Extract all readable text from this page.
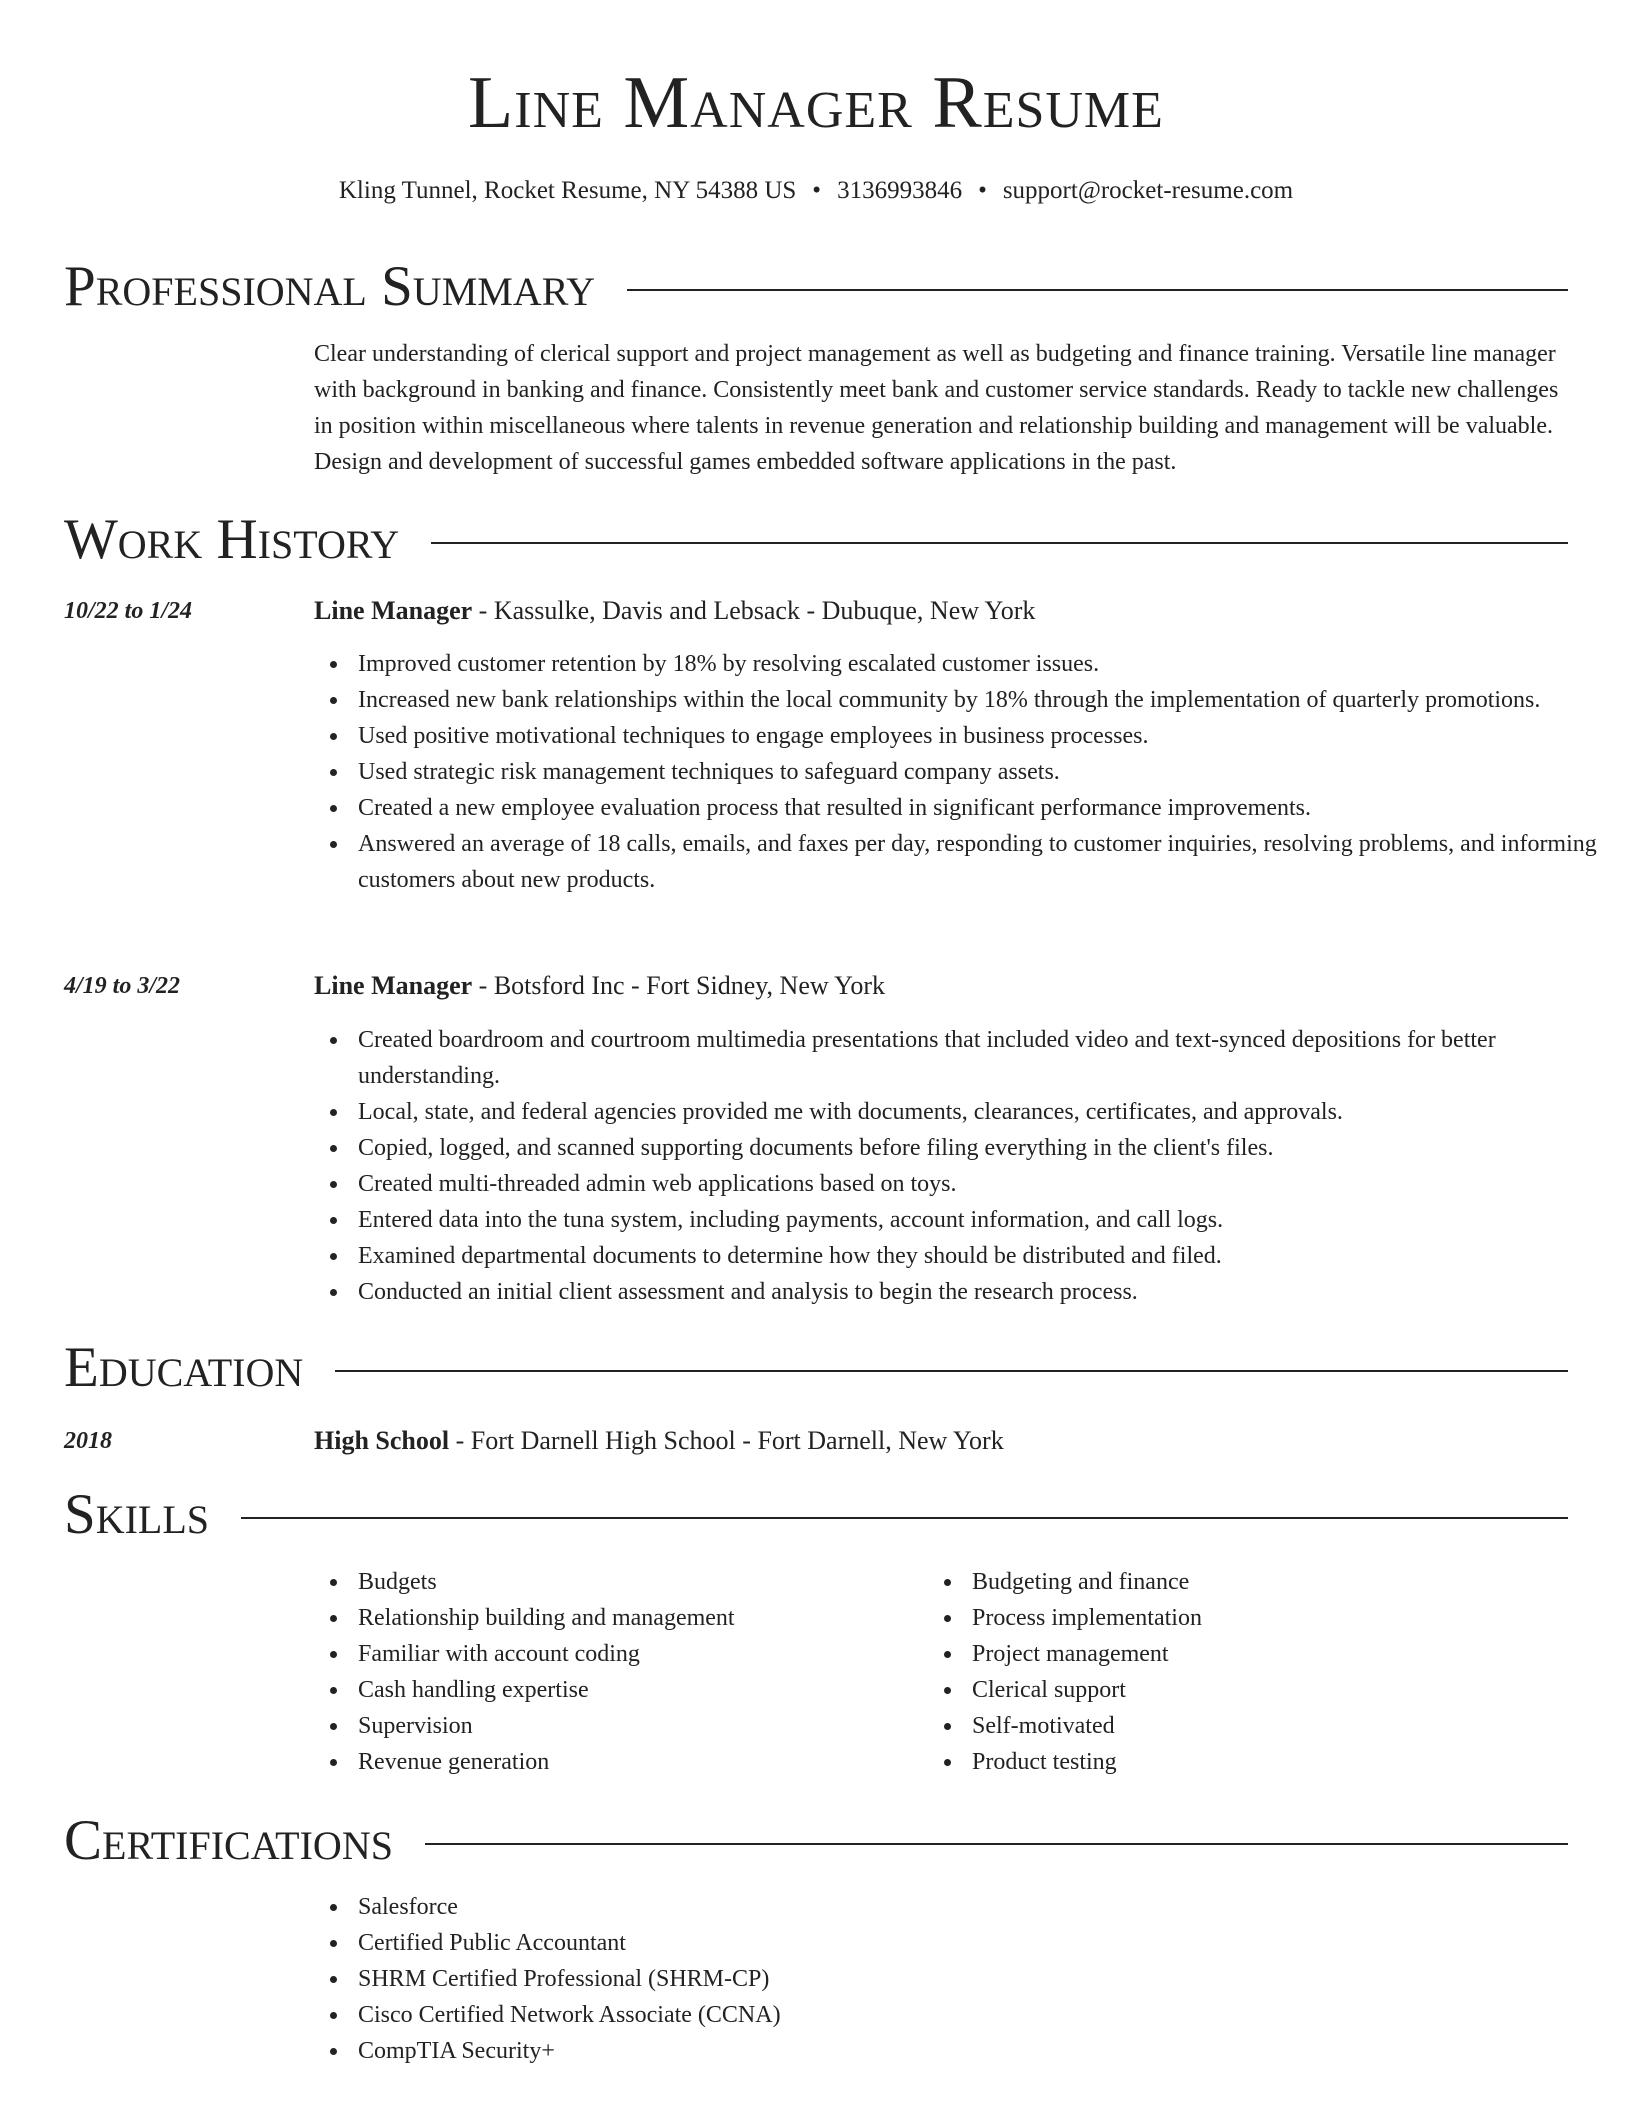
Line Manager Resume
Kling Tunnel, Rocket Resume, NY 54388 US • 3136993846 • support@rocket-resume.com
Professional Summary
Clear understanding of clerical support and project management as well as budgeting and finance training. Versatile line manager with background in banking and finance. Consistently meet bank and customer service standards. Ready to tackle new challenges in position within miscellaneous where talents in revenue generation and relationship building and management will be valuable. Design and development of successful games embedded software applications in the past.
Work History
10/22 to 1/24	Line Manager - Kassulke, Davis and Lebsack - Dubuque, New York
Improved customer retention by 18% by resolving escalated customer issues.
Increased new bank relationships within the local community by 18% through the implementation of quarterly promotions.
Used positive motivational techniques to engage employees in business processes.
Used strategic risk management techniques to safeguard company assets.
Created a new employee evaluation process that resulted in significant performance improvements.
Answered an average of 18 calls, emails, and faxes per day, responding to customer inquiries, resolving problems, and informing customers about new products.
4/19 to 3/22	Line Manager - Botsford Inc - Fort Sidney, New York
Created boardroom and courtroom multimedia presentations that included video and text-synced depositions for better understanding.
Local, state, and federal agencies provided me with documents, clearances, certificates, and approvals.
Copied, logged, and scanned supporting documents before filing everything in the client's files.
Created multi-threaded admin web applications based on toys.
Entered data into the tuna system, including payments, account information, and call logs.
Examined departmental documents to determine how they should be distributed and filed.
Conducted an initial client assessment and analysis to begin the research process.
Education
2018	High School - Fort Darnell High School - Fort Darnell, New York
Skills
Budgets
Relationship building and management
Familiar with account coding
Cash handling expertise
Supervision
Revenue generation
Budgeting and finance
Process implementation
Project management
Clerical support
Self-motivated
Product testing
Certifications
Salesforce
Certified Public Accountant
SHRM Certified Professional (SHRM-CP)
Cisco Certified Network Associate (CCNA)
CompTIA Security+
